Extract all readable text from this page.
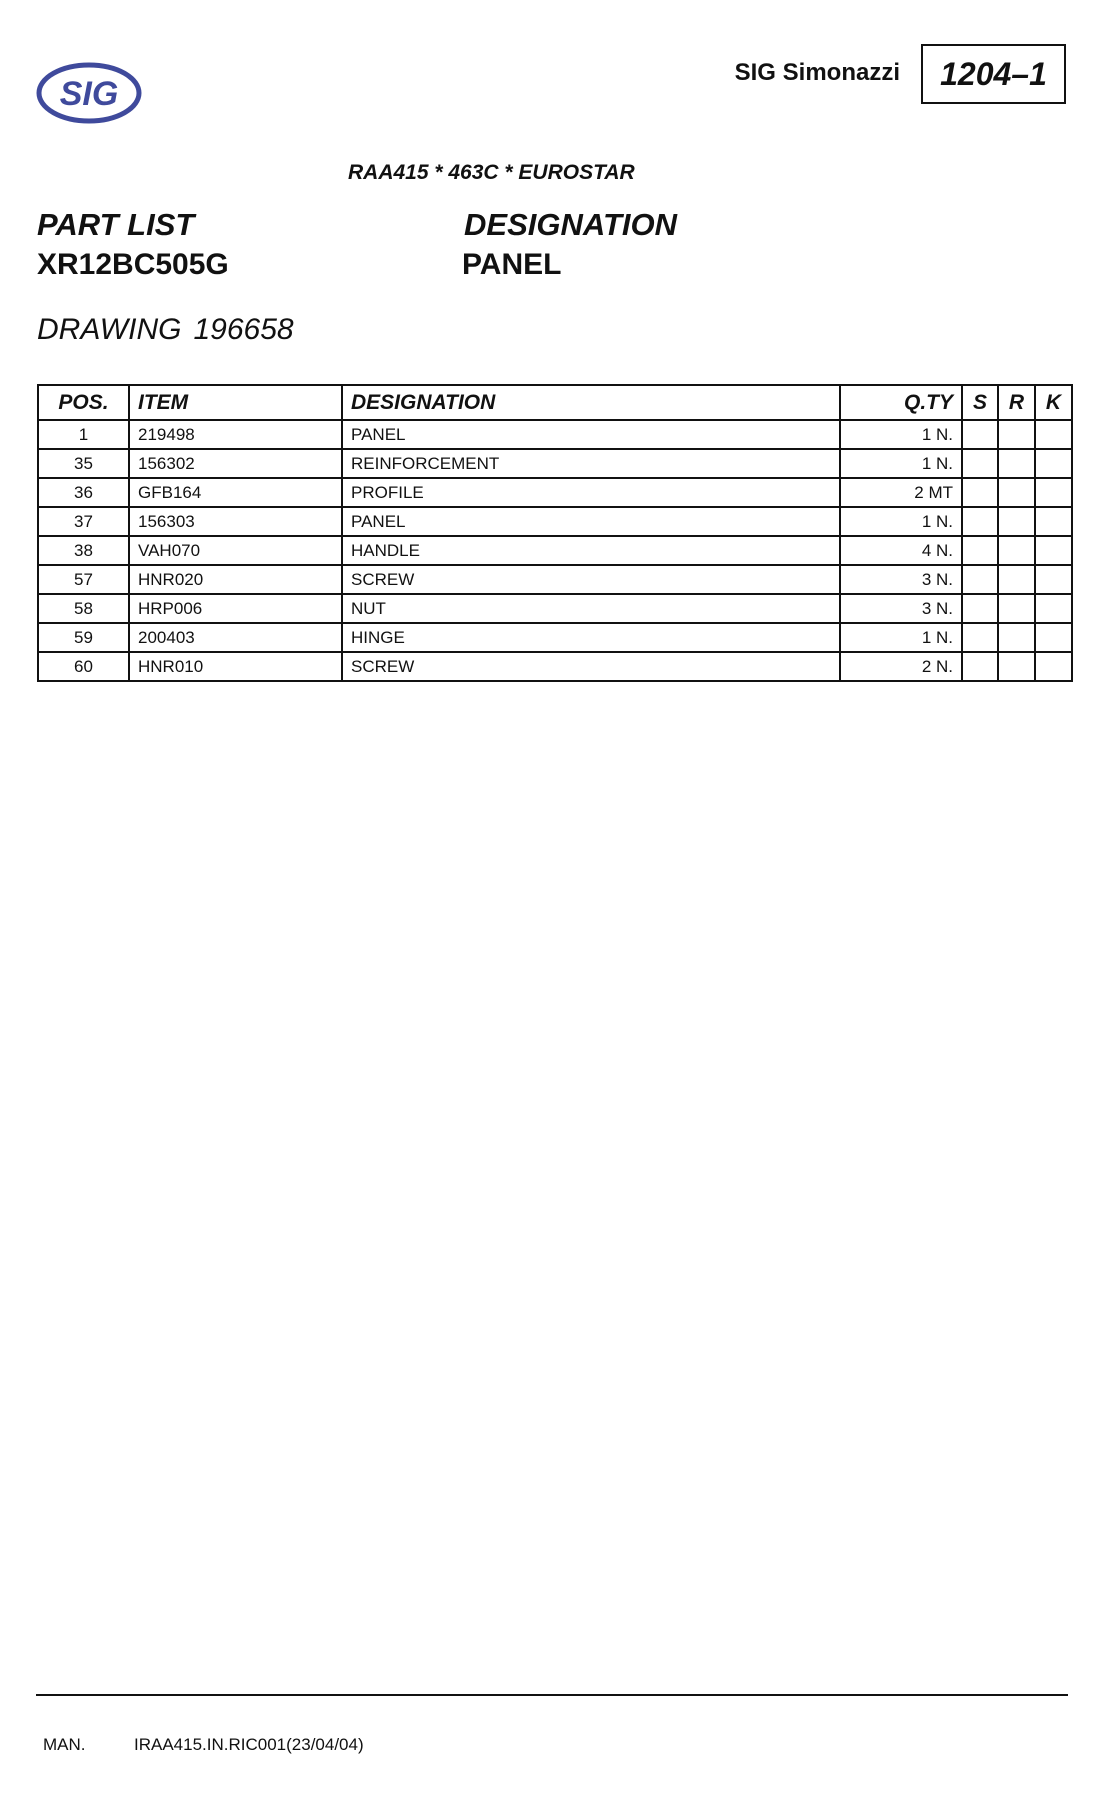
SIG
SIG Simonazzi	1204–1
RAA415 * 463C * EUROSTAR
PART LIST
XR12BC505G
DESIGNATION
PANEL
DRAWING 196658
POS.	ITEM	DESIGNATION	Q.TY	S	R	K
1	219498	PANEL	1 N.			
35	156302	REINFORCEMENT	1 N.			
36	GFB164	PROFILE	2 MT			
37	156303	PANEL	1 N.			
38	VAH070	HANDLE	4 N.			
57	HNR020	SCREW	3 N.			
58	HRP006	NUT	3 N.			
59	200403	HINGE	1 N.			
60	HNR010	SCREW	2 N.			
MAN.	IRAA415.IN.RIC001(23/04/04)
